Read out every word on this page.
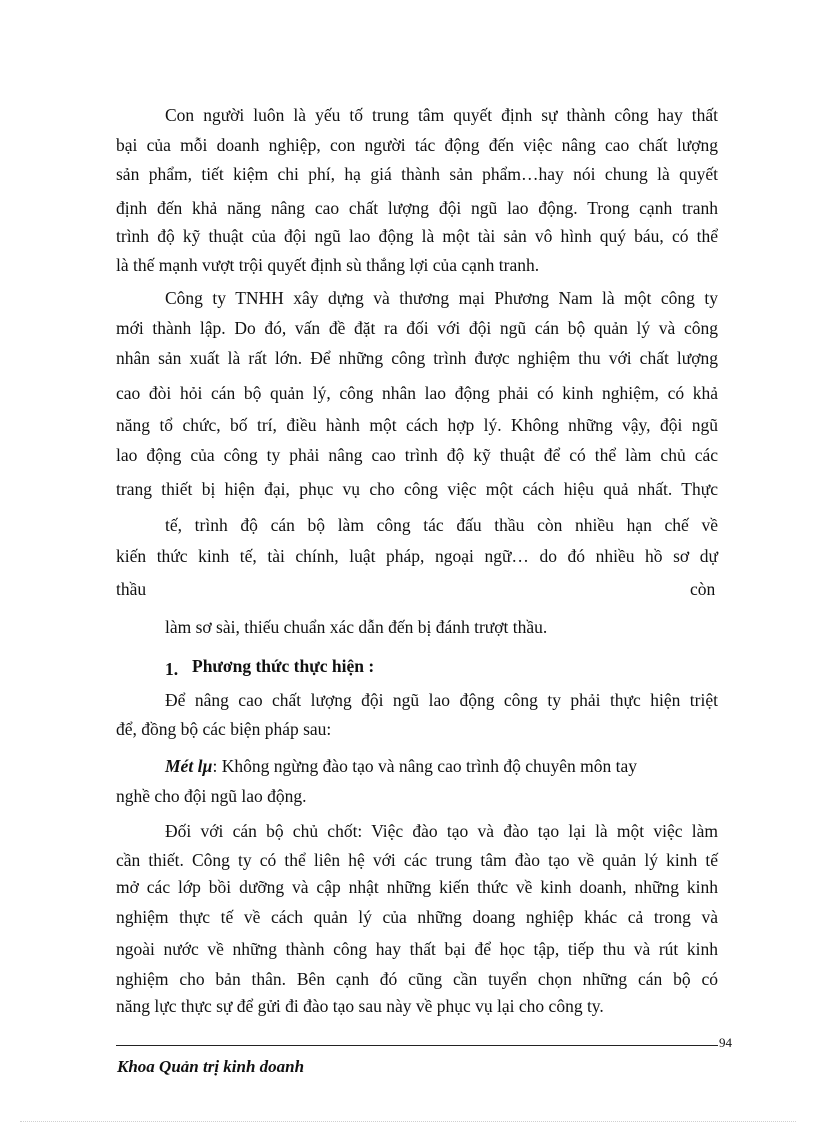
Con người luôn là yếu tố trung tâm quyết định sự thành công hay thất
bại của mỗi doanh nghiệp, con người tác động đến việc nâng cao chất lượng
sản phẩm, tiết kiệm chi phí, hạ giá thành sản phẩm…hay nói chung là quyết
định đến khả năng nâng cao chất lượng đội ngũ lao động. Trong cạnh tranh
trình độ kỹ thuật của đội ngũ lao động là một tài sản vô hình quý báu, có thể
là thế mạnh vượt trội quyết định sù thắng lợi của cạnh tranh.
Công ty TNHH xây dựng và thương mại Phương Nam là một công ty
mới thành lập. Do đó, vấn đề đặt ra đối với đội ngũ cán bộ quản lý và công
nhân sản xuất là rất lớn. Để những công trình được nghiệm thu với chất lượng
cao đòi hỏi cán bộ quản lý, công nhân lao động phải có kinh nghiệm, có khả
năng tổ chức, bố trí, điều hành một cách hợp lý. Không những vậy, đội ngũ
lao động của công ty phải nâng cao trình độ kỹ thuật để có thể làm chủ các
trang thiết bị hiện đại, phục vụ cho công việc một cách hiệu quả nhất. Thực
tế, trình độ cán bộ làm công tác đấu thầu còn nhiều hạn chế về
kiến thức kinh tế, tài chính, luật pháp, ngoại ngữ… do đó nhiều hồ sơ dự
thầu	còn
làm sơ sài, thiếu chuẩn xác dẫn đến bị đánh trượt thầu.
1. Phương thức thực hiện :
Để nâng cao chất lượng đội ngũ lao động công ty phải thực hiện triệt
để, đồng bộ các biện pháp sau:
Mét lµ: Không ngừng đào tạo và nâng cao trình độ chuyên môn tay
nghề cho đội ngũ lao động.
Đối với cán bộ chủ chốt: Việc đào tạo và đào tạo lại là một việc làm
cần thiết. Công ty có thể liên hệ với các trung tâm đào tạo về quản lý kinh tế
mở các lớp bồi dưỡng và cập nhật những kiến thức về kinh doanh, những kinh
nghiệm thực tế về cách quản lý của những doang nghiệp khác cả trong và
ngoài nước về những thành công hay thất bại để học tập, tiếp thu và rút kinh
nghiệm cho bản thân. Bên cạnh đó cũng cần tuyển chọn những cán bộ có
năng lực thực sự để gửi đi đào tạo sau này về phục vụ lại cho công ty.
94
Khoa Quản trị kinh doanh
